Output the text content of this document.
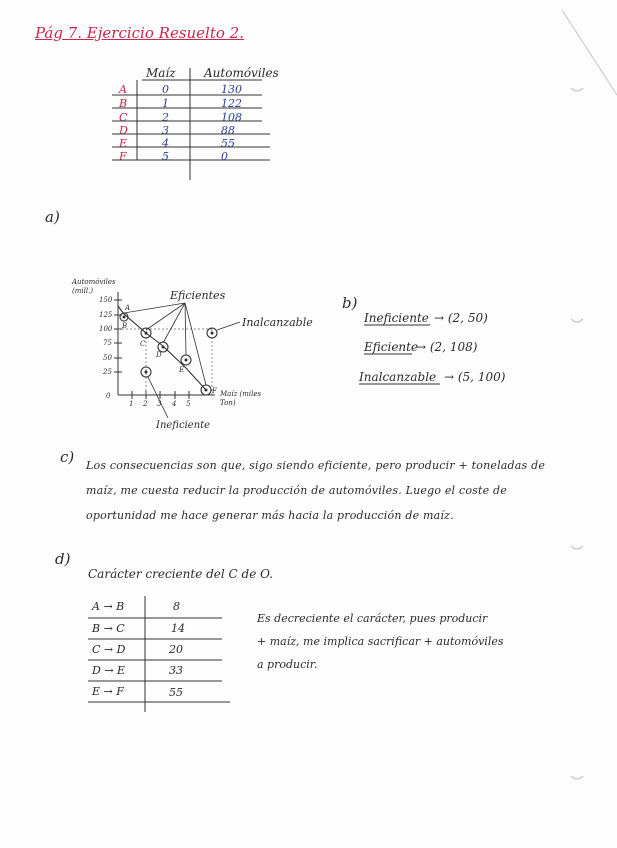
Pág 7. Ejercicio Resuelto 2.
Maíz Automóviles
A	0	130
B	1	122
C	2	108
D	3	88
E	4	55
F	5	0
a)
Automóviles (mill.)
150
125
100
75
50
25
0
1 2 3 4 5
A
B
C
D
E
F Maíz (miles Ton)
Eficientes
Inalcanzable
Ineficiente
b)
Ineficiente → (2, 50)
Eficiente
→ (2, 108)
Inalcanzable → (5, 100)
c) Los consecuencias son que, sigo siendo eficiente, pero producir + toneladas de
maíz, me cuesta reducir la producción de automóviles. Luego el coste de
oportunidad me hace generar más hacia la producción de maíz.
d)
Carácter creciente del C de O.
A → B	8
B → C	14
C → D	20
D → E	33
E → F	55
Es decreciente el carácter, pues producir
+ maíz, me implica sacrificar + automóviles
a producir.
